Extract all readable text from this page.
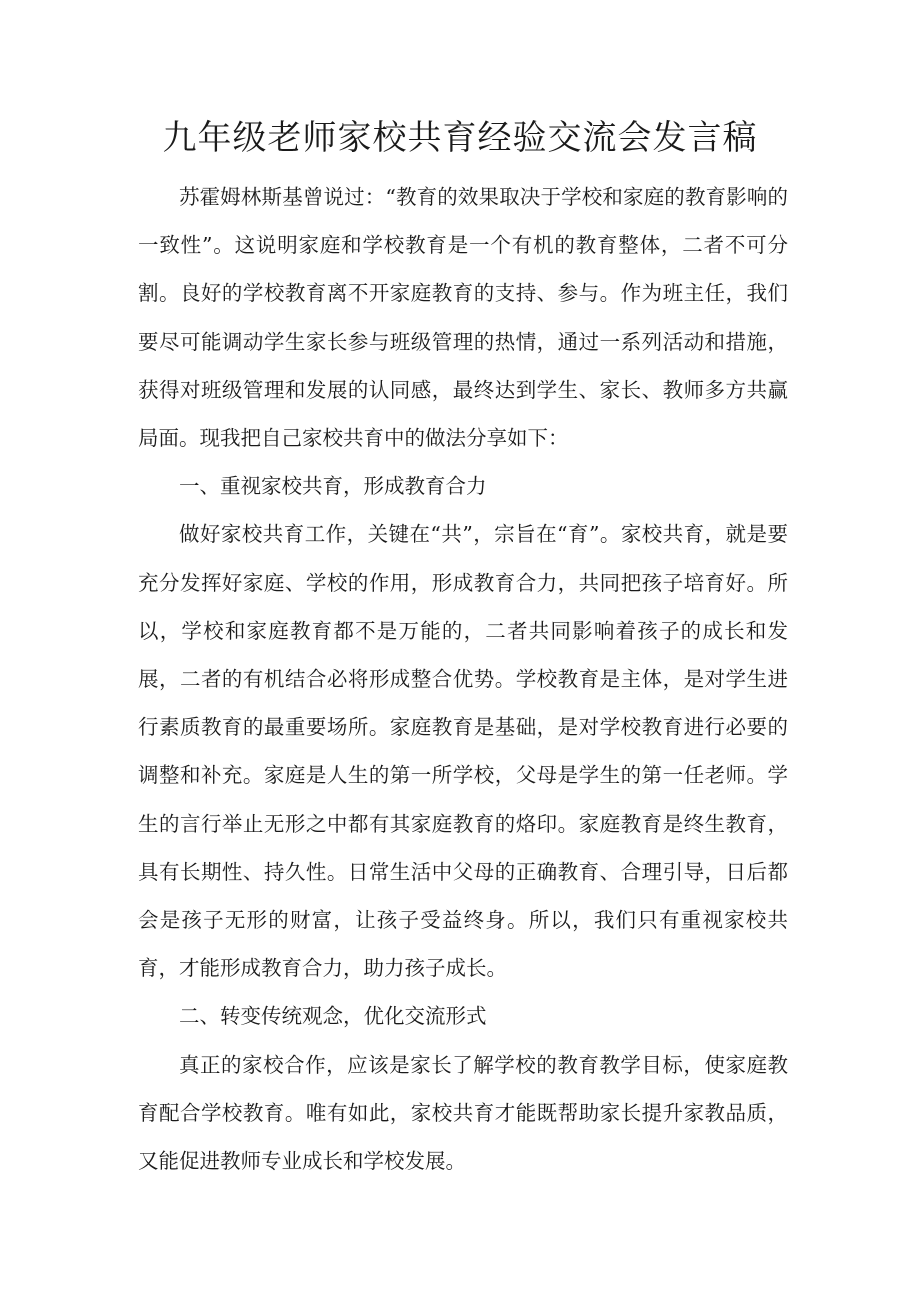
九年级老师家校共育经验交流会发言稿

苏霍姆林斯基曾说过：“教育的效果取决于学校和家庭的教育影响的一致性”。这说明家庭和学校教育是一个有机的教育整体，二者不可分割。良好的学校教育离不开家庭教育的支持、参与。作为班主任，我们要尽可能调动学生家长参与班级管理的热情，通过一系列活动和措施，获得对班级管理和发展的认同感，最终达到学生、家长、教师多方共赢局面。现我把自己家校共育中的做法分享如下：

一、重视家校共育，形成教育合力

做好家校共育工作，关键在“共”，宗旨在“育”。家校共育，就是要充分发挥好家庭、学校的作用，形成教育合力，共同把孩子培育好。所以，学校和家庭教育都不是万能的，二者共同影响着孩子的成长和发展，二者的有机结合必将形成整合优势。学校教育是主体，是对学生进行素质教育的最重要场所。家庭教育是基础，是对学校教育进行必要的调整和补充。家庭是人生的第一所学校，父母是学生的第一任老师。学生的言行举止无形之中都有其家庭教育的烙印。家庭教育是终生教育，具有长期性、持久性。日常生活中父母的正确教育、合理引导，日后都会是孩子无形的财富，让孩子受益终身。所以，我们只有重视家校共育，才能形成教育合力，助力孩子成长。

二、转变传统观念，优化交流形式

真正的家校合作，应该是家长了解学校的教育教学目标，使家庭教育配合学校教育。唯有如此，家校共育才能既帮助家长提升家教品质，又能促进教师专业成长和学校发展。
